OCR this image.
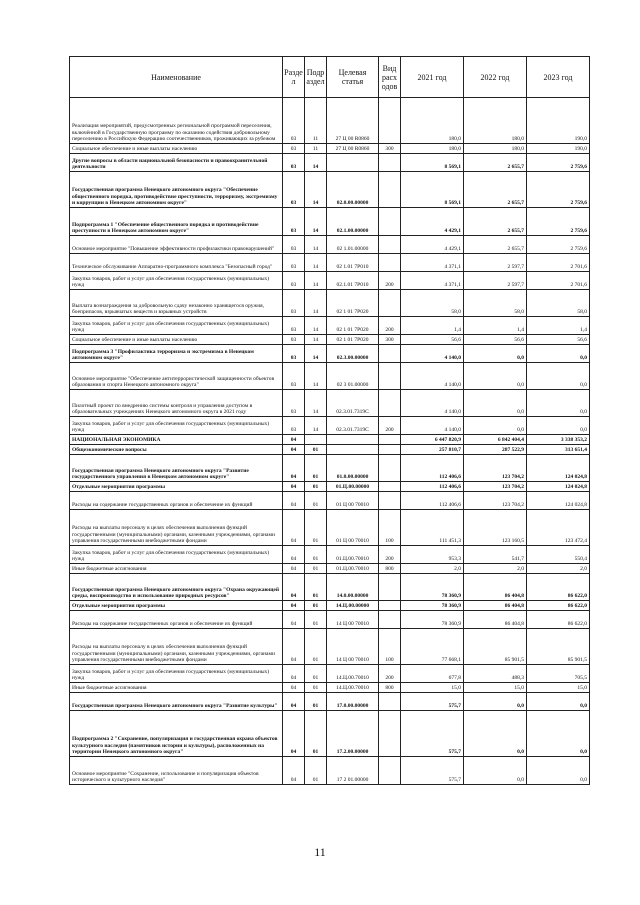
Наименование	Разде л	Подр аздел	Целевая статья	Вид расх одов	2021 год	2022 год	2023 год
Реализация мероприятий, предусмотренных региональной программой переселения, включённой в Государственную программу по оказанию содействия добровольному переселению в Российскую Федерацию соотечественников, проживающих за рубежом	03	11	27 Ц 00 R0860		180,0	180,0	190,0
Социальное обеспечение и иные выплаты населению	03	11	27 Ц 00 R0860	300	180,0	180,0	190,0
Другие вопросы в области национальной безопасности и правоохранительной деятельности	03	14			8 569,1	2 655,7	2 759,6
Государственная программа Ненецкого автономного округа "Обеспечение общественного порядка, противодействие преступности, терроризму, экстремизму и коррупции в Ненецком автономном округе"	03	14	02.0.00.00000		8 569,1	2 655,7	2 759,6
Подпрограмма 1 "Обеспечение общественного порядка и противодействие преступности в Ненецком автономном округе"	03	14	02.1.00.00000		4 429,1	2 655,7	2 759,6
Основное мероприятие "Повышение эффективности профилактики правонарушений"	03	14	02 1.01.00000		4 429,1	2 655,7	2 759,6
Техническое обслуживание Аппаратно-программного комплекса "Безопасный город"	03	14	02 1.01 7P010		4 371,1	2 597,7	2 701,6
Закупка товаров, работ и услуг для обеспечения государственных (муниципальных) нужд	03	14	02.1.01 7P010	200	4 371,1	2 597,7	2 701,6
Выплата вознаграждения за добровольную сдачу незаконно хранящегося оружия, боеприпасов, взрывчатых веществ и взрывных устройств	03	14	02 1 01 7P020		58,0	58,0	58,0
Закупка товаров, работ и услуг для обеспечения государственных (муниципальных) нужд	03	14	02 1 01 7P020	200	1,4	1,4	1,4
Социальное обеспечение и иные выплаты населению	03	14	02 1 01 7P020	300	56,6	56,6	56,6
Подпрограмма 3 "Профилактика терроризма и экстремизма в Ненецком автономном округе"	03	14	02.3.00.00000		4 140,0	0,0	0,0
Основное мероприятие "Обеспечение антитеррористической защищенности объектов образования и спорта Ненецкого автономного округа"	03	14	02 3 01.00000		4 140,0	0,0	0,0
Пилотный проект по внедрению системы контроля и управления доступом в образовательных учреждениях Ненецкого автономного округа в 2021 году	03	14	02.3.01.7319C		4 140,0	0,0	0,0
Закупка товаров, работ и услуг для обеспечения государственных (муниципальных) нужд	03	14	02.3.01.7319C	200	4 140,0	0,0	0,0
НАЦИОНАЛЬНАЯ ЭКОНОМИКА	04				6 447 820,9	6 842 404,4	3 338 353,2
Общеэкономические вопросы	04	01			257 810,7	287 522,9	313 651,4
Государственная программа Ненецкого автономного округа "Развитие государственного управления в Ненецком автономном округе"	04	01	01.0.00.00000		112 406,6	123 704,2	124 024,8
Отдельные мероприятия программы	04	01	01.Ц.00.00000		112 406,6	123 704,2	124 024,8
Расходы на содержание государственных органов и обеспечение их функций	04	01	01 Ц 00 70010		112 406,6	123 704,2	124 024,8
Расходы на выплаты персоналу в целях обеспечения выполнения функций государственными (муниципальными) органами, казенными учреждениями, органами управления государственными внебюджетными фондами	04	01	01 Ц 00 70010	100	111 451,3	123 160,5	123 472,4
Закупка товаров, работ и услуг для обеспечения государственных (муниципальных) нужд	04	01	01.Ц.00.70010	200	953,3	541,7	550,4
Иные бюджетные ассигнования	04	01	01.Ц.00.70010	800	2,0	2,0	2,0
Государственная программа Ненецкого автономного округа "Охрана окружающей среды, воспроизводство и использование природных ресурсов"	04	01	14.0.00.00000		78 360,9	86 404,8	86 622,0
Отдельные мероприятия программы	04	01	14.Ц.00.00000		78 360,9	86 404,8	86 622,0
Расходы на содержание государственных органов и обеспечение их функций	04	01	14 Ц 00 70010		78 360,9	86 404,8	86 622,0
Расходы на выплаты персоналу в целях обеспечения выполнения функций государственными (муниципальными) органами, казенными учреждениями, органами управления государственными внебюджетными фондами	04	01	14 Ц 00 70010	100	77 668,1	85 901,5	85 901,5
Закупка товаров, работ и услуг для обеспечения государственных (муниципальных) нужд	04	01	14.Ц.00.70010	200	677,8	488,3	705,5
Иные бюджетные ассигнования	04	01	14.Ц.00.70010	800	15,0	15,0	15,0
Государственная программа Ненецкого автономного округа "Развитие культуры"	04	01	17.0.00.00000		575,7	0,0	0,0
Подпрограмма 2 "Сохранение, популяризация и государственная охрана объектов культурного наследия (памятников истории и культуры), расположенных на территории Ненецкого автономного округа"	04	01	17.2.00.00000		575,7	0,0	0,0
Основное мероприятие "Сохранение, использование и популяризация объектов исторического и культурного наследия"	04	01	17 2 01.00000		575,7	0,0	0,0
11
